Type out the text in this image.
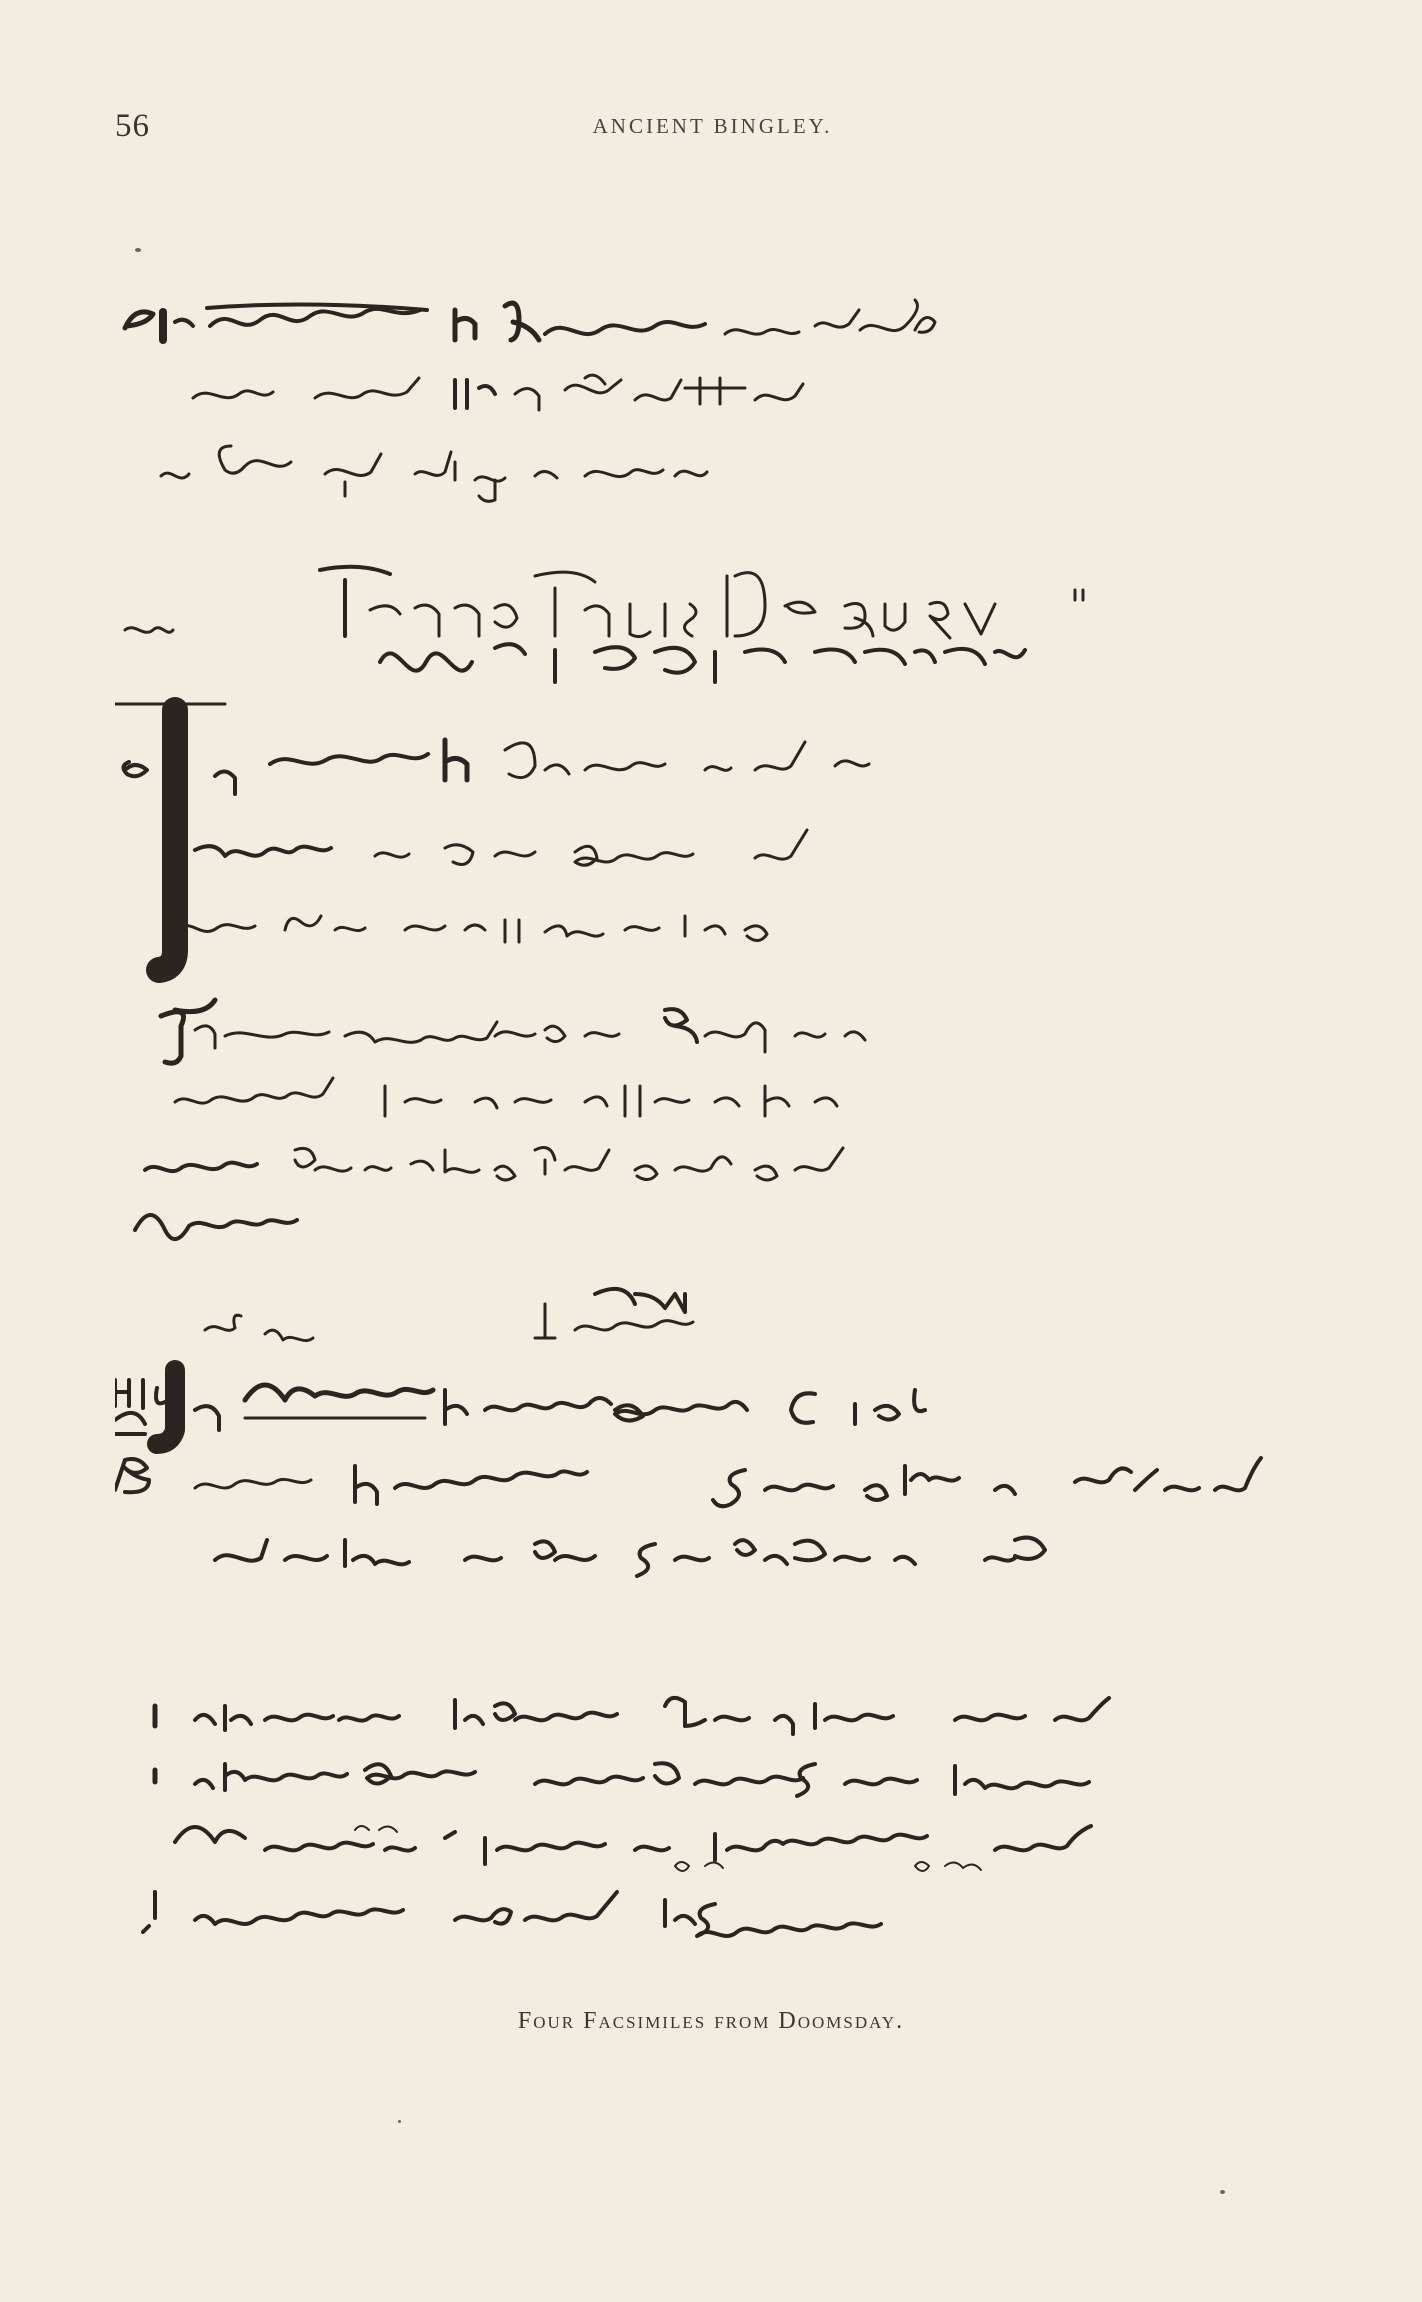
56	ANCIENT BINGLEY.
Four Facsimiles from Doomsday.
